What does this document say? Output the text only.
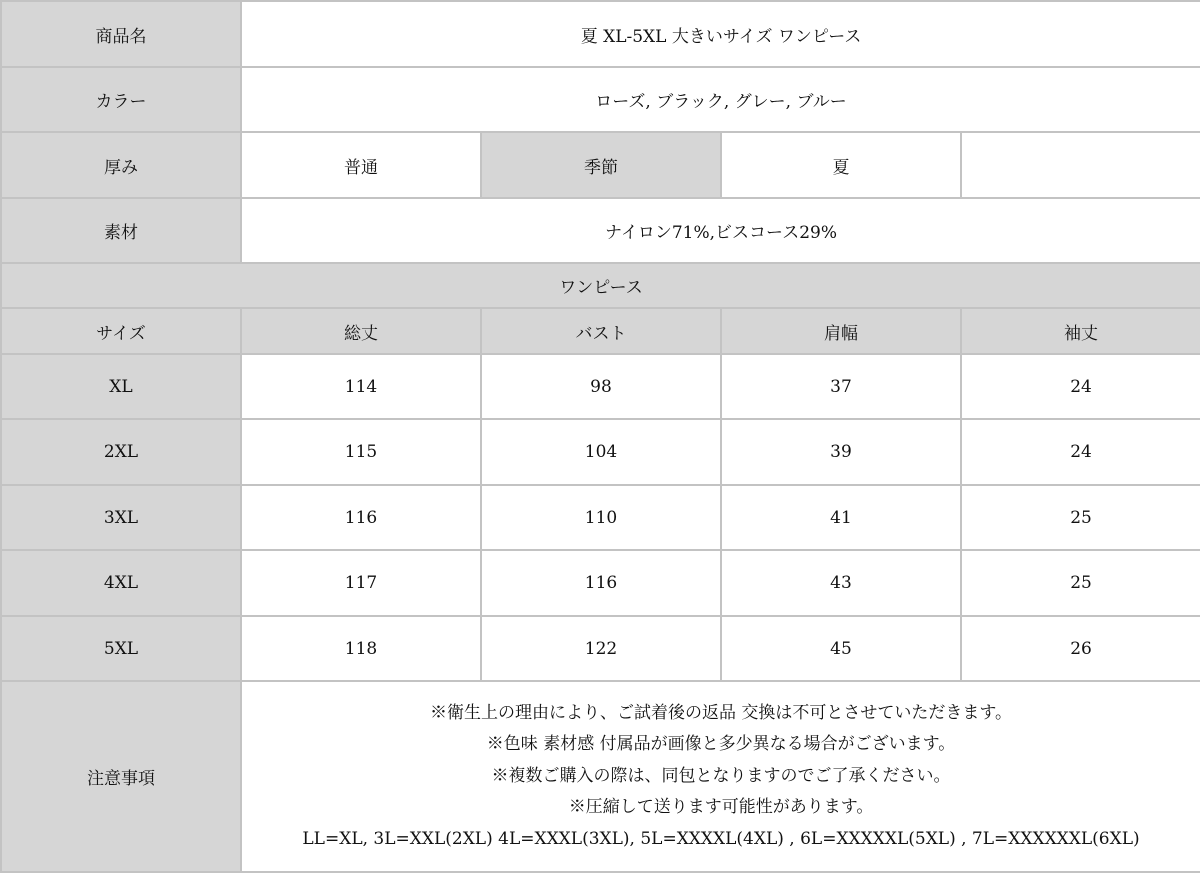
商品名	夏 XL-5XL 大きいサイズ ワンピース			
カラー	ローズ, ブラック, グレー, ブルー			
厚み	普通	季節	夏	
素材	ナイロン71%,ビスコース29%			
ワンピース				
サイズ	総丈	バスト	肩幅	袖丈
XL	114	98	37	24
2XL	115	104	39	24
3XL	116	110	41	25
4XL	117	116	43	25
5XL	118	122	45	26
注意事項	※衛生上の理由により、ご試着後の返品 交換は不可とさせていただきます。
※色味 素材感 付属品が画像と多少異なる場合がございます。
※複数ご購入の際は、同包となりますのでご了承ください。
※圧縮して送ります可能性があります。
LL=XL, 3L=XXL(2XL) 4L=XXXL(3XL), 5L=XXXXL(4XL) , 6L=XXXXXL(5XL) , 7L=XXXXXXL(6XL)			
